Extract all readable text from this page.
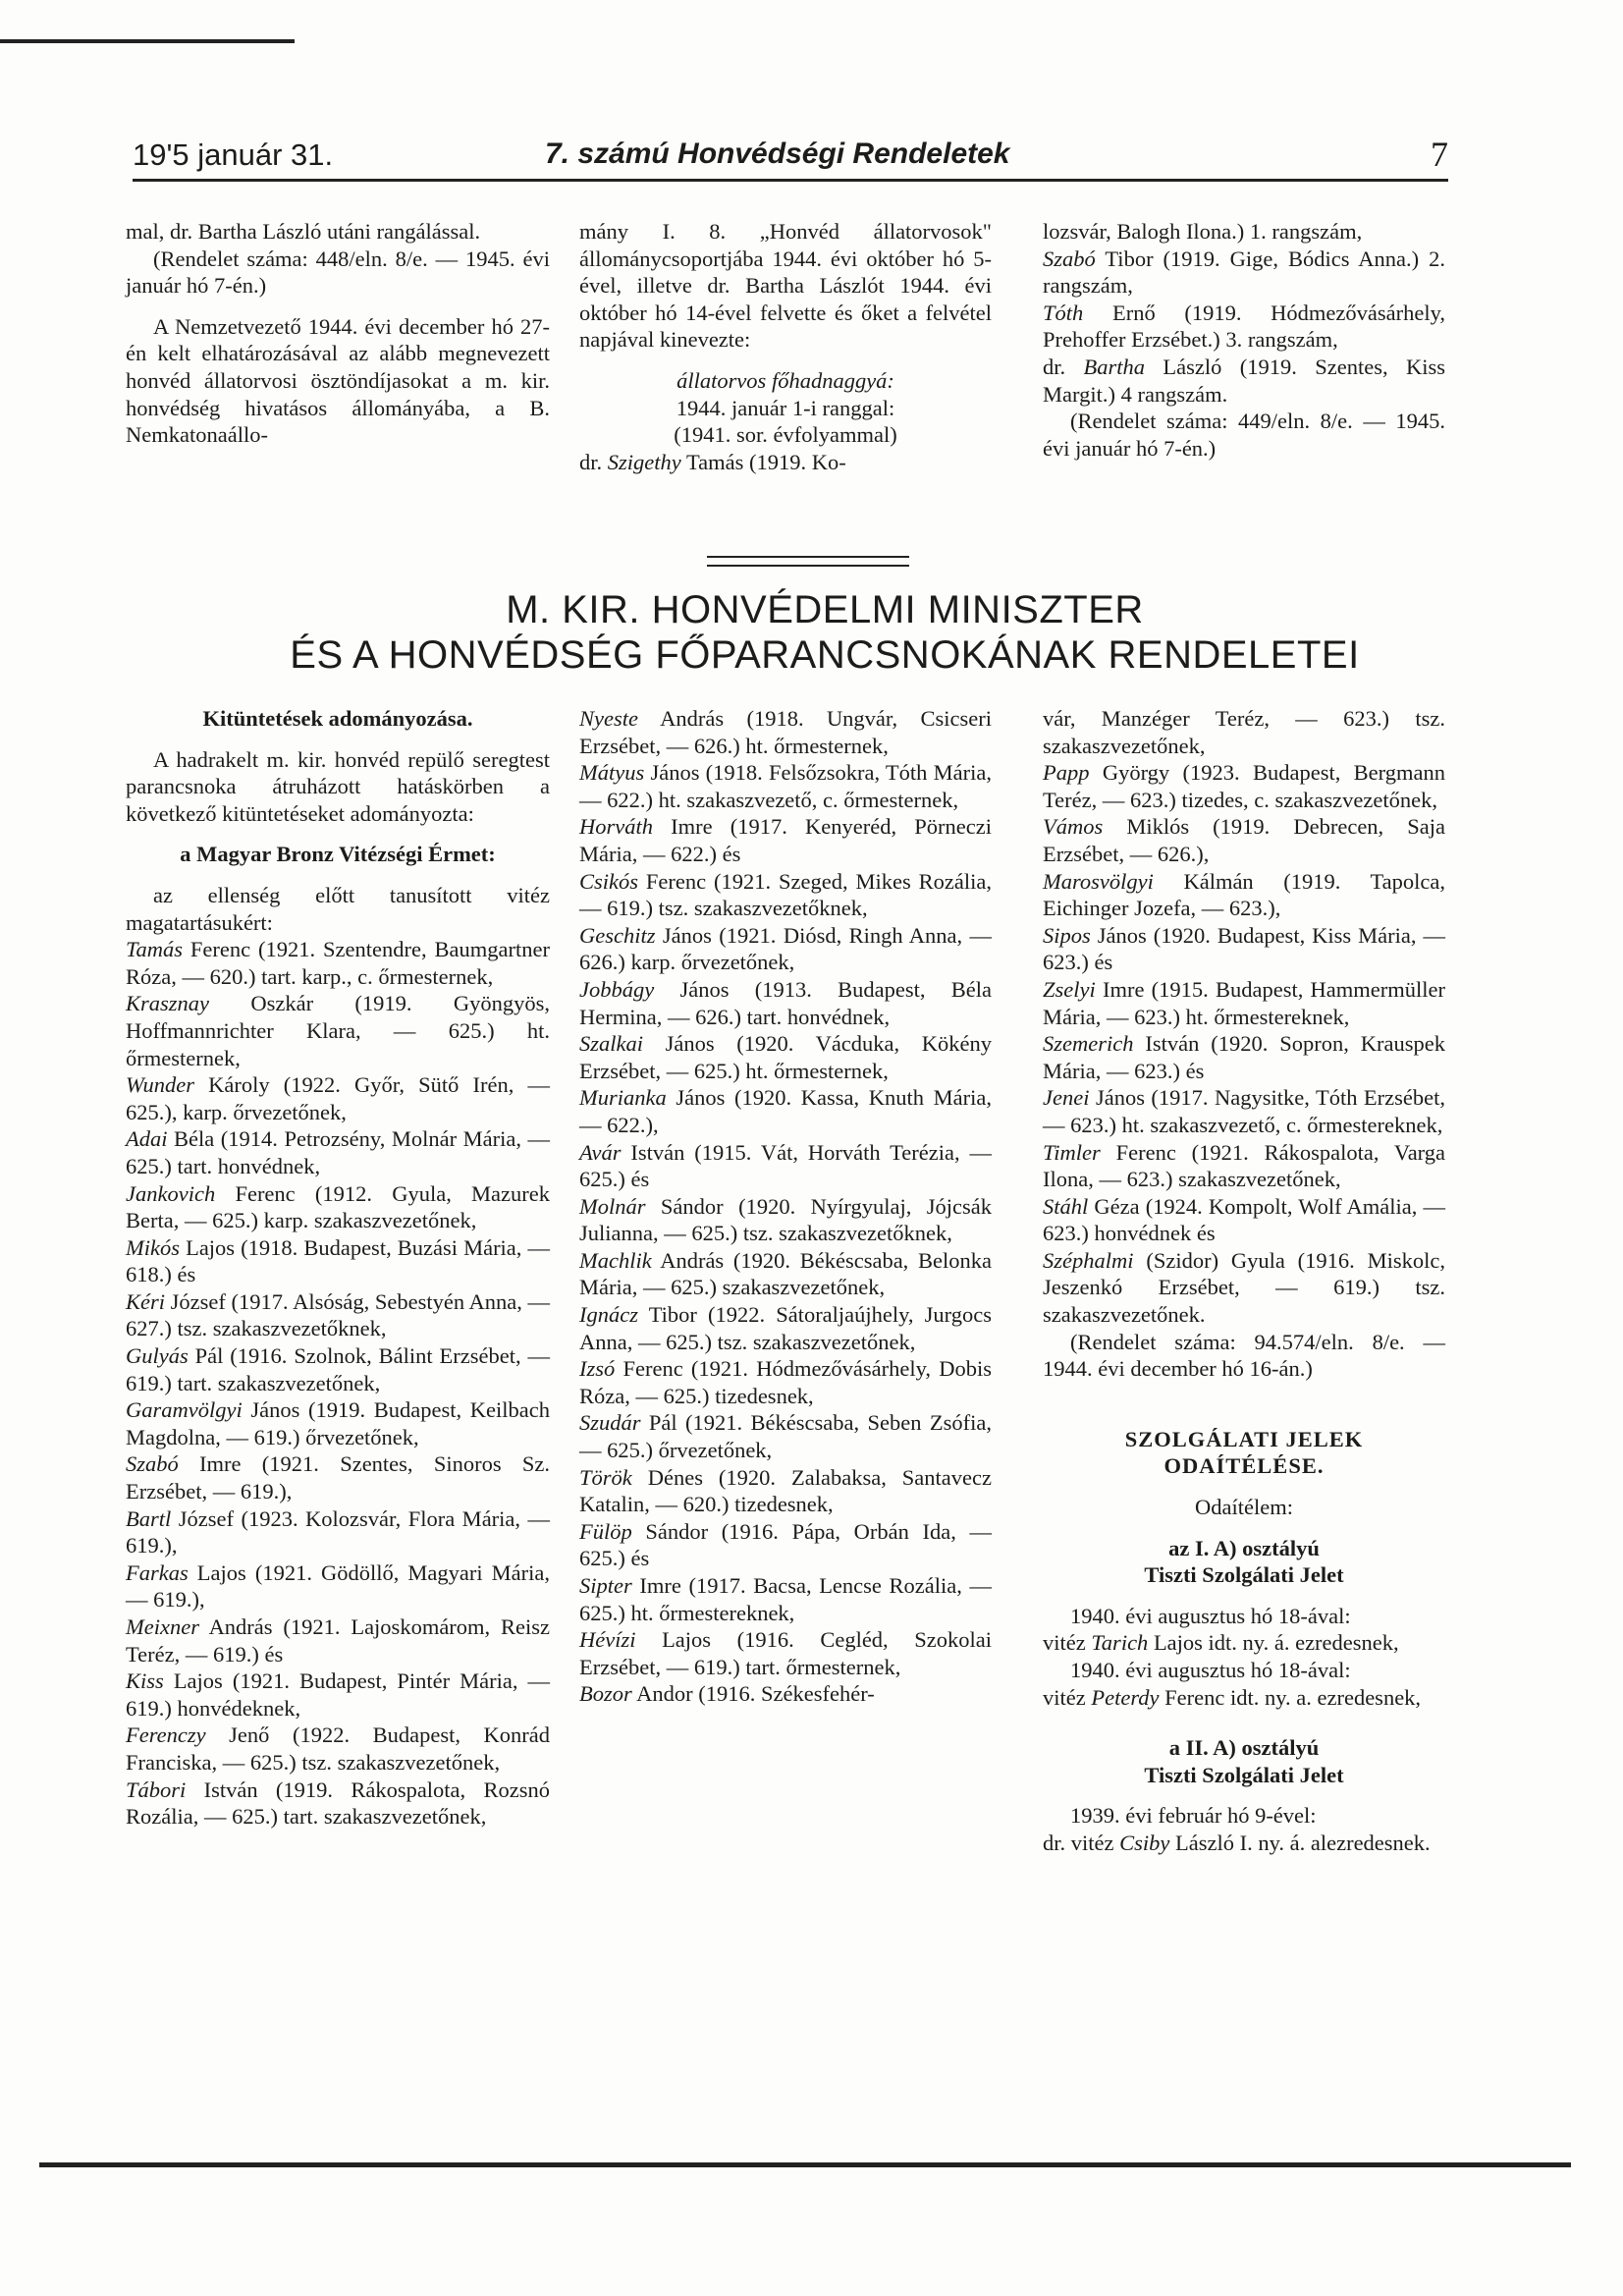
19'5 január 31.	7. számú Honvédségi Rendeletek	7

mal, dr. Bartha László utáni rangálással.

(Rendelet száma: 448/eln. 8/e. — 1945. évi január hó 7-én.)

A Nemzetvezető 1944. évi december hó 27-én kelt elhatározásával az alább megnevezett honvéd állatorvosi ösztöndíjasokat a m. kir. honvédség hivatásos állományába, a B. Nemkatonaállo-

mány I. 8. „Honvéd állatorvosok" állománycsoportjába 1944. évi október hó 5-ével, illetve dr. Bartha Lászlót 1944. évi október hó 14-ével felvette és őket a felvétel napjával kinevezte:

állatorvos főhadnaggyá:

1944. január 1-i ranggal:

(1941. sor. évfolyammal)

dr. Szigethy Tamás (1919. Ko-

lozsvár, Balogh Ilona.) 1. rangszám,

Szabó Tibor (1919. Gige, Bódics Anna.) 2. rangszám,

Tóth Ernő (1919. Hódmezővásárhely, Prehoffer Erzsébet.) 3. rangszám,

dr. Bartha László (1919. Szentes, Kiss Margit.) 4 rangszám.

(Rendelet száma: 449/eln. 8/e. — 1945. évi január hó 7-én.)

M. KIR. HONVÉDELMI MINISZTER
ÉS A HONVÉDSÉG FŐPARANCSNOKÁNAK RENDELETEI

Kitüntetések adományozása.

A hadrakelt m. kir. honvéd repülő seregtest parancsnoka átruházott hatáskörben a következő kitüntetéseket adományozta:

a Magyar Bronz Vitézségi Érmet:

az ellenség előtt tanusított vitéz magatartásukért:

Tamás Ferenc (1921. Szentendre, Baumgartner Róza, — 620.) tart. karp., c. őrmesternek,

Krasznay Oszkár (1919. Gyöngyös, Hoffmannrichter Klara, — 625.) ht. őrmesternek,

Wunder Károly (1922. Győr, Sütő Irén, — 625.), karp. őrvezetőnek,

Adai Béla (1914. Petrozsény, Molnár Mária, — 625.) tart. honvédnek,

Jankovich Ferenc (1912. Gyula, Mazurek Berta, — 625.) karp. szakaszvezetőnek,

Mikós Lajos (1918. Budapest, Buzási Mária, — 618.) és

Kéri József (1917. Alsóság, Sebestyén Anna, — 627.) tsz. szakaszvezetőknek,

Gulyás Pál (1916. Szolnok, Bálint Erzsébet, — 619.) tart. szakaszvezetőnek,

Garamvölgyi János (1919. Budapest, Keilbach Magdolna, — 619.) őrvezetőnek,

Szabó Imre (1921. Szentes, Sinoros Sz. Erzsébet, — 619.),

Bartl József (1923. Kolozsvár, Flora Mária, — 619.),

Farkas Lajos (1921. Gödöllő, Magyari Mária, — 619.),

Meixner András (1921. Lajoskomárom, Reisz Teréz, — 619.) és

Kiss Lajos (1921. Budapest, Pintér Mária, — 619.) honvédeknek,

Ferenczy Jenő (1922. Budapest, Konrád Franciska, — 625.) tsz. szakaszvezetőnek,

Tábori István (1919. Rákospalota, Rozsnó Rozália, — 625.) tart. szakaszvezetőnek,

Nyeste András (1918. Ungvár, Csicseri Erzsébet, — 626.) ht. őrmesternek,

Mátyus János (1918. Felsőzsokra, Tóth Mária, — 622.) ht. szakaszvezető, c. őrmesternek,

Horváth Imre (1917. Kenyeréd, Pörneczi Mária, — 622.) és

Csikós Ferenc (1921. Szeged, Mikes Rozália, — 619.) tsz. szakaszvezetőknek,

Geschitz János (1921. Diósd, Ringh Anna, — 626.) karp. őrvezetőnek,

Jobbágy János (1913. Budapest, Béla Hermina, — 626.) tart. honvédnek,

Szalkai János (1920. Vácduka, Kökény Erzsébet, — 625.) ht. őrmesternek,

Murianka János (1920. Kassa, Knuth Mária, — 622.),

Avár István (1915. Vát, Horváth Terézia, — 625.) és

Molnár Sándor (1920. Nyírgyulaj, Jójcsák Julianna, — 625.) tsz. szakaszvezetőknek,

Machlik András (1920. Békéscsaba, Belonka Mária, — 625.) szakaszvezetőnek,

Ignácz Tibor (1922. Sátoraljaújhely, Jurgocs Anna, — 625.) tsz. szakaszvezetőnek,

Izsó Ferenc (1921. Hódmezővásárhely, Dobis Róza, — 625.) tizedesnek,

Szudár Pál (1921. Békéscsaba, Seben Zsófia, — 625.) őrvezetőnek,

Török Dénes (1920. Zalabaksa, Santavecz Katalin, — 620.) tizedesnek,

Fülöp Sándor (1916. Pápa, Orbán Ida, — 625.) és

Sipter Imre (1917. Bacsa, Lencse Rozália, — 625.) ht. őrmestereknek,

Hévízi Lajos (1916. Cegléd, Szokolai Erzsébet, — 619.) tart. őrmesternek,

Bozor Andor (1916. Székesfehér-

vár, Manzéger Teréz, — 623.) tsz. szakaszvezetőnek,

Papp György (1923. Budapest, Bergmann Teréz, — 623.) tizedes, c. szakaszvezetőnek,

Vámos Miklós (1919. Debrecen, Saja Erzsébet, — 626.),

Marosvölgyi Kálmán (1919. Tapolca, Eichinger Jozefa, — 623.),

Sipos János (1920. Budapest, Kiss Mária, — 623.) és

Zselyi Imre (1915. Budapest, Hammermüller Mária, — 623.) ht. őrmestereknek,

Szemerich István (1920. Sopron, Krauspek Mária, — 623.) és

Jenei János (1917. Nagysitke, Tóth Erzsébet, — 623.) ht. szakaszvezető, c. őrmestereknek,

Timler Ferenc (1921. Rákospalota, Varga Ilona, — 623.) szakaszvezetőnek,

Stáhl Géza (1924. Kompolt, Wolf Amália, — 623.) honvédnek és

Széphalmi (Szidor) Gyula (1916. Miskolc, Jeszenkó Erzsébet, — 619.) tsz. szakaszvezetőnek.

(Rendelet száma: 94.574/eln. 8/e. — 1944. évi december hó 16-án.)

SZOLGÁLATI JELEK

ODAÍTÉLÉSE.

Odaítélem:

az I. A) osztályú

Tiszti Szolgálati Jelet

1940. évi augusztus hó 18-ával:

vitéz Tarich Lajos idt. ny. á. ezredesnek,

1940. évi augusztus hó 18-ával:

vitéz Peterdy Ferenc idt. ny. a. ezredesnek,

a II. A) osztályú

Tiszti Szolgálati Jelet

1939. évi február hó 9-ével:

dr. vitéz Csiby László I. ny. á. alezredesnek.
